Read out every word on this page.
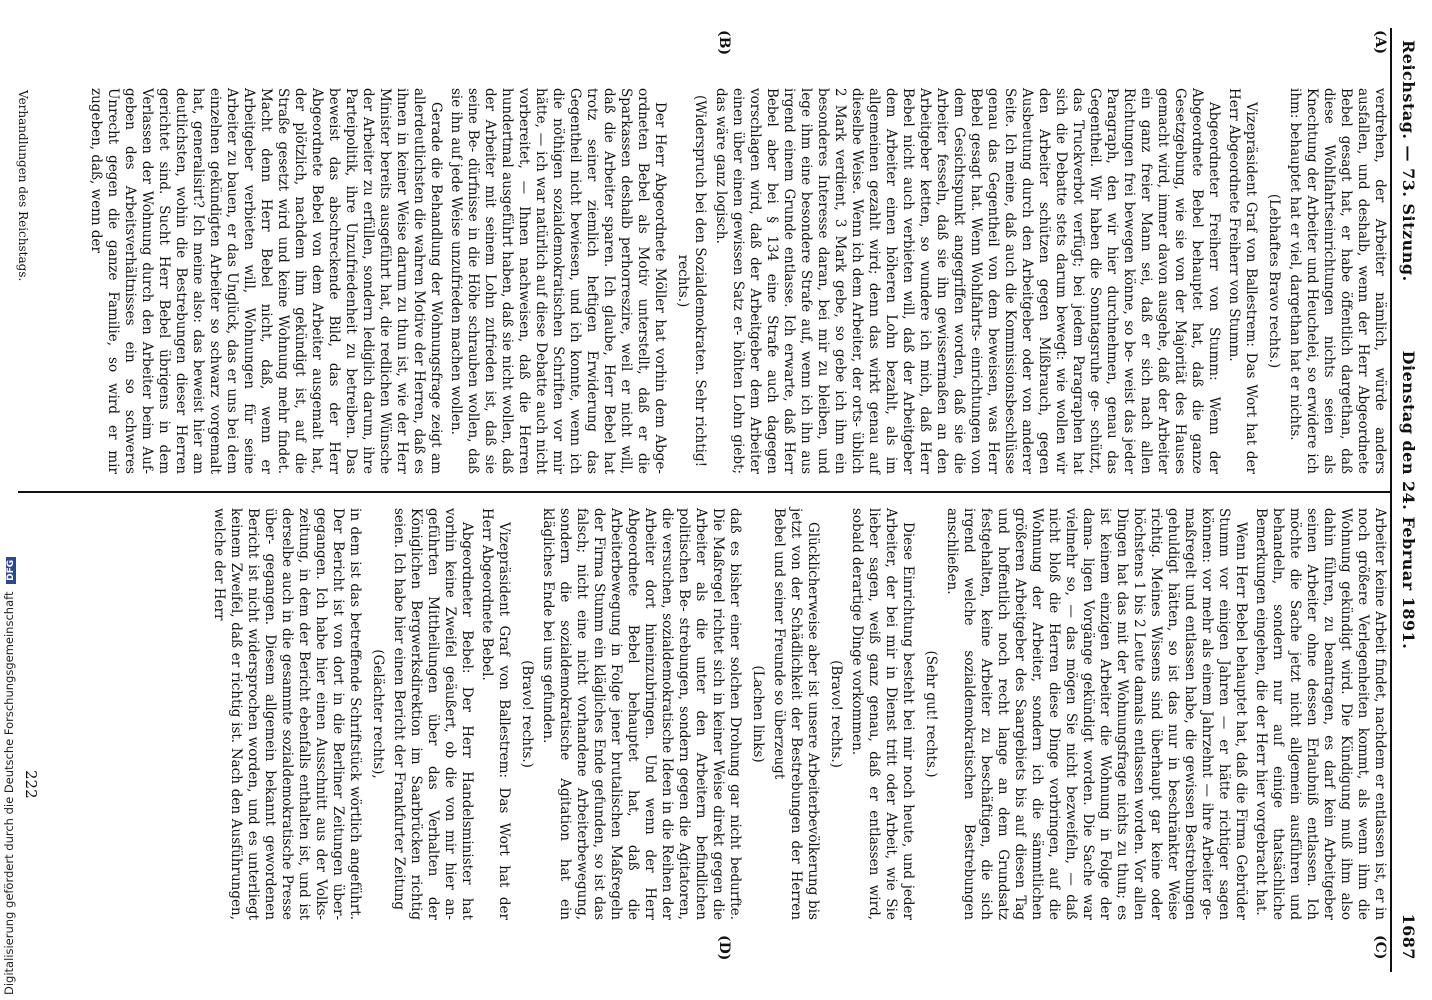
Digitalisierung gefördert durch die Deutsche Forschungsgemeinschaft DFG
Reichstag. — 73. Sitzung.
Dienstag den 24. Februar 1891.
1687
(A)
(B)
(C)
(D)

verdrehen, der Arbeiter nämlich, würde anders ausfallen, und deshalb, wenn der Herr Abgeordnete Bebel gesagt hat, er habe öffentlich dargethan, daß diese Wohlfahrtseinrichtungen nichts seien als Knechtung der Arbeiter und Heuchelei, so erwidere ich ihm: behauptet hat er viel, dargethan hat er nichts.

(Lebhaftes Bravo rechts.)

Vizepräsident Graf von Ballestrem: Das Wort hat der Herr Abgeordnete Freiherr von Stumm.

Abgeordneter Freiherr von Stumm: Wenn der Abgeordnete Bebel behauptet hat, daß die ganze Gesetzgebung, wie sie von der Majorität des Hauses gemacht wird, immer davon ausgehe, daß der Arbeiter ein ganz freier Mann sei, daß er sich nach allen Richtungen frei bewegen könne, so be- weist das jeder Paragraph, den wir hier durchnehmen, genau das Gegentheil. Wir haben die Sonntagsruhe ge- schützt, das Truckverbot verfügt; bei jedem Paragraphen hat sich die Debatte stets darum bewegt: wie wollen wir den Arbeiter schützen gegen Mißbrauch, gegen Ausbeutung durch den Arbeitgeber oder von anderer Seite. Ich meine, daß auch die Kommissionsbeschlüsse genau das Gegentheil von dem beweisen, was Herr Bebel gesagt hat. Wenn Wohlfahrts- einrichtungen von dem Gesichtspunkt angegriffen worden, daß sie die Arbeiter fesseln, daß sie ihn gewissermaßen an den Arbeitgeber ketten, so wundere ich mich, daß Herr Bebel nicht auch verbieten will, daß der Arbeitgeber dem Arbeiter einen höheren Lohn bezahlt, als im allgemeinen gezahlt wird; denn das wirkt genau auf dieselbe Weise. Wenn ich dem Arbeiter, der orts- üblich 2 Mark verdient, 3 Mark gebe, so gebe ich ihm ein besonderes Interesse daran, bei mir zu bleiben, und lege ihm eine besondere Strafe auf, wenn ich ihn aus irgend einem Grunde entlasse. Ich erwarte, daß Herr Bebel aber bei § 134 eine Strafe auch dagegen vorschlagen wird, daß der Arbeitgeber dem Arbeiter einen über einen gewissen Satz er- höhten Lohn giebt; das wäre ganz logisch.

(Widerspruch bei den Sozialdemokraten. Sehr richtig! rechts.)

Der Herr Abgeordnete Möller hat vorhin dem Abge- ordneten Bebel als Motiv unterstellt, daß er die Sparkassen deshalb perhorreszire, weil er nicht will, daß die Arbeiter sparen. Ich glaube, Herr Bebel hat trotz seiner ziemlich heftigen Erwiderung das Gegentheil nicht bewiesen, und ich konnte, wenn ich die nöthigen sozialdemokratischen Schriften vor mir hätte, — ich war natürlich auf diese Debatte auch nicht vorbereitet, — Ihnen nachweisen, daß die Herren hundertmal ausgeführt haben, daß sie nicht wollen, daß der Arbeiter mit seinem Lohn zufrieden ist, daß sie seine Be- dürfnisse in die Höhe schrauben wollen, daß sie ihn auf jede Weise unzufrieden machen wollen.

Gerade die Behandlung der Wohnungsfrage zeigt am allerdeutlichsten die wahren Motive der Herren, daß es ihnen in keiner Weise darum zu thun ist, wie der Herr Minister bereits ausgeführt hat, die redlichen Wünsche der Arbeiter zu erfüllen, sondern lediglich darum, ihre Parteipolitik, ihre Unzufriedenheit zu betreiben. Das beweist das abschreckende Bild, das der Herr Abgeordnete Bebel von dem Arbeiter ausgemalt hat, der plötzlich, nachdem ihm gekündigt ist, auf die Straße gesetzt wird und keine Wohnung mehr findet. Macht denn Herr Bebel nicht, daß, wenn er Arbeitgeber verbieten will, Wohnungen für seine Arbeiter zu bauen, er das Unglück, das er uns bei dem einzelnen gekündigten Arbeiter so schwarz vorgemalt hat, generalisirt? Ich meine also: das beweist hier am deutlichsten, wohin die Bestrebungen dieser Herren gerichtet sind. Sucht Herr Bebel übrigens in dem Verlassen der Wohnung durch den Arbeiter beim Auf- geben des Arbeitsverhältnisses ein so schweres Unrecht gegen die ganze Familie, so wird er mir zugeben, daß, wenn der

Arbeiter keine Arbeit findet, nachdem er entlassen ist, er in noch größere Verlegenheiten kommt, als wenn ihm die Wohnung gekündigt wird. Die Kündigung muß ihm also dahin führen, zu beantragen, es darf kein Arbeitgeber seinen Arbeiter ohne dessen Erlaubniß entlassen. Ich möchte die Sache jetzt nicht allgemein ausführen und behandeln, sondern nur auf einige thatsächliche Bemerkungen eingehen, die der Herr hier vorgebracht hat.

Wenn Herr Bebel behauptet hat, daß die Firma Gebrüder Stumm vor einigen Jahren — er hätte richtiger sagen können: vor mehr als einem Jahrzehnt — ihre Arbeiter ge- maßregelt und entlassen habe, die gewissen Bestrebungen gehuldigt hätten, so ist das nur in beschränkter Weise richtig. Meines Wissens sind überhaupt gar keine oder höchstens 1 bis 2 Leute damals entlassen worden. Vor allen Dingen hat das mit der Wohnungsfrage nichts zu thun; es ist keinem einzigen Arbeiter die Wohnung in Folge der dama- ligen Vorgänge gekündigt worden. Die Sache war vielmehr so, — das mögen Sie nicht bezweifeln, — daß nicht bloß die Herren diese Dinge vorbringen, auf die Wohnung der Arbeiter, sondern ich die sämmtlichen größeren Arbeitgeber des Saargebiets bis auf diesen Tag und hoffentlich noch recht lange an dem Grundsatz festgehalten, keine Arbeiter zu beschäftigen, die sich irgend welche sozialdemokratischen Bestrebungen anschließen.

(Sehr gut! rechts.)

Diese Einrichtung besteht bei mir noch heute, und jeder Arbeiter, der bei mir in Dienst tritt oder Arbeit, wie Sie lieber sagen, weiß ganz genau, daß er entlassen wird, sobald derartige Dinge vorkommen.

(Bravo! rechts.)

Glücklicherweise aber ist unsere Arbeiterbevölkerung bis jetzt von der Schädlichkeit der Bestrebungen der Herren Bebel und seiner Freunde so überzeugt

(Lachen links)

daß es bisher einer solchen Drohung gar nicht bedurfte. Die Maßregel richtet sich in keiner Weise direkt gegen die Arbeiter als die unter den Arbeitern befindlichen politischen Be- strebungen, sondern gegen die Agitatoren, die versuchen, sozialdemokratische Ideen in die Reihen der Arbeiter dort hineinzubringen. Und wenn der Herr Abgeordnete Bebel behauptet hat, daß die Arbeiterbewegung in Folge jener brutalischen Maßregeln der Firma Stumm ein klägliches Ende gefunden, so ist das falsch; nicht eine nicht vorhandene Arbeiterbewegung, sondern die sozialdemokratische Agitation hat ein klägliches Ende bei uns gefunden.

(Bravo! rechts.)

Vizepräsident Graf von Ballestrem: Das Wort hat der Herr Abgeordnete Bebel.

Abgeordneter Bebel: Der Herr Handelsminister hat vorhin keine Zweifel geäußert, ob die von mir hier an- geführten Mittheilungen über das Verhalten der Königlichen Bergwerksdirektion im Saarbrücken richtig seien. Ich habe hier einen Bericht der Frankfurter Zeitung

(Gelächter rechts),

in dem ist das betreffende Schriftstück wörtlich angeführt. Der Bericht ist von dort in die Berliner Zeitungen über- gegangen. Ich habe hier einen Ausschnitt aus der Volks- zeitung, in dem der Bericht ebenfalls enthalten ist, und ist derselbe auch in die gesammte sozialdemokratische Presse über- gegangen. Diesem allgemein bekannt gewordenen Bericht ist nicht widersprochen worden, und es unterliegt keinem Zweifel, daß er richtig ist. Nach den Ausführungen, welche der Herr

Verhandlungen des Reichstags.
222
